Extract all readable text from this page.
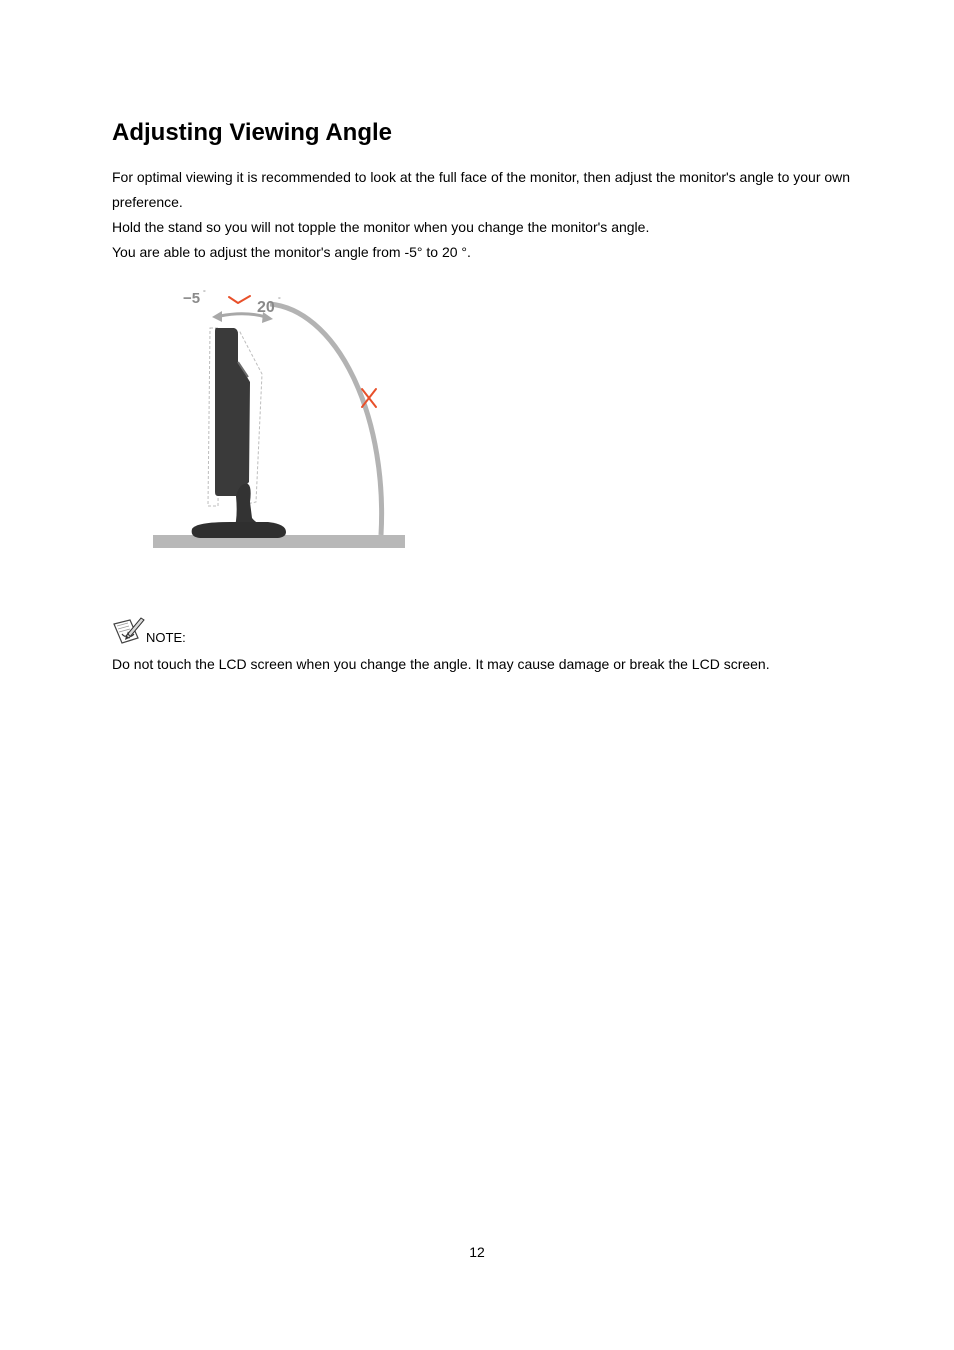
Adjusting Viewing Angle

For optimal viewing it is recommended to look at the full face of the monitor, then adjust the monitor's angle to your own preference.

Hold the stand so you will not topple the monitor when you change the monitor's angle.

You are able to adjust the monitor's angle from -5° to 20 °.

−5 °
20 °
NOTE:

Do not touch the LCD screen when you change the angle. It may cause damage or break the LCD screen.

12
